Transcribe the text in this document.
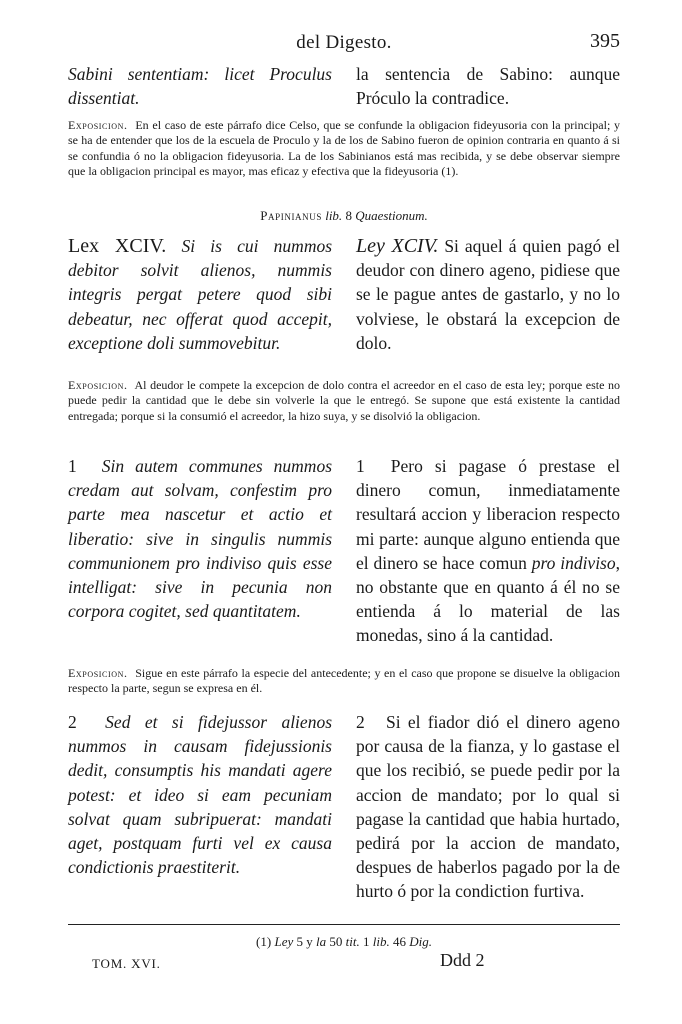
del Digesto.	395
Sabini sententiam: licet Proculus dissentiat.
la sentencia de Sabino: aunque Próculo la contradice.
Exposicion. En el caso de este párrafo dice Celso, que se confunde la obligacion fideyusoria con la principal; y se ha de entender que los de la escuela de Proculo y la de los de Sabino fueron de opinion contraria en quanto á si se confundia ó no la obligacion fideyusoria. La de los Sabinianos está mas recibida, y se debe observar siempre que la obligacion principal es mayor, mas eficaz y efectiva que la fideyusoria (1).
Papinianus lib. 8 Quaestionum.
Lex XCIV. Si is cui nummos debitor solvit alienos, nummis integris pergat petere quod sibi debeatur, nec offerat quod accepit, exceptione doli summovebitur.
Ley XCIV. Si aquel á quien pagó el deudor con dinero ageno, pidiese que se le pague antes de gastarlo, y no lo volviese, le obstará la excepcion de dolo.
Exposicion. Al deudor le compete la excepcion de dolo contra el acreedor en el caso de esta ley; porque este no puede pedir la cantidad que le debe sin volverle la que le entregó. Se supone que está existente la cantidad entregada; porque si la consumió el acreedor, la hizo suya, y se disolvió la obligacion.
1 Sin autem communes nummos credam aut solvam, confestim pro parte mea nascetur et actio et liberatio: sive in singulis nummis communionem pro indiviso quis esse intelligat: sive in pecunia non corpora cogitet, sed quantitatem.
1 Pero si pagase ó prestase el dinero comun, inmediatamente resultará accion y liberacion respecto mi parte: aunque alguno entienda que el dinero se hace comun pro indiviso, no obstante que en quanto á él no se entienda á lo material de las monedas, sino á la cantidad.
Exposicion. Sigue en este párrafo la especie del antecedente; y en el caso que propone se disuelve la obligacion respecto la parte, segun se expresa en él.
2 Sed et si fidejussor alienos nummos in causam fidejussionis dedit, consumptis his mandati agere potest: et ideo si eam pecuniam solvat quam subripuerat: mandati aget, postquam furti vel ex causa condictionis praestiterit.
2 Si el fiador dió el dinero ageno por causa de la fianza, y lo gastase el que los recibió, se puede pedir por la accion de mandato; por lo qual si pagase la cantidad que habia hurtado, pedirá por la accion de mandato, despues de haberlos pagado por la de hurto ó por la condiction furtiva.
(1) Ley 5 y la 50 tit. 1 lib. 46 Dig.
TOM. XVI.	Ddd 2
